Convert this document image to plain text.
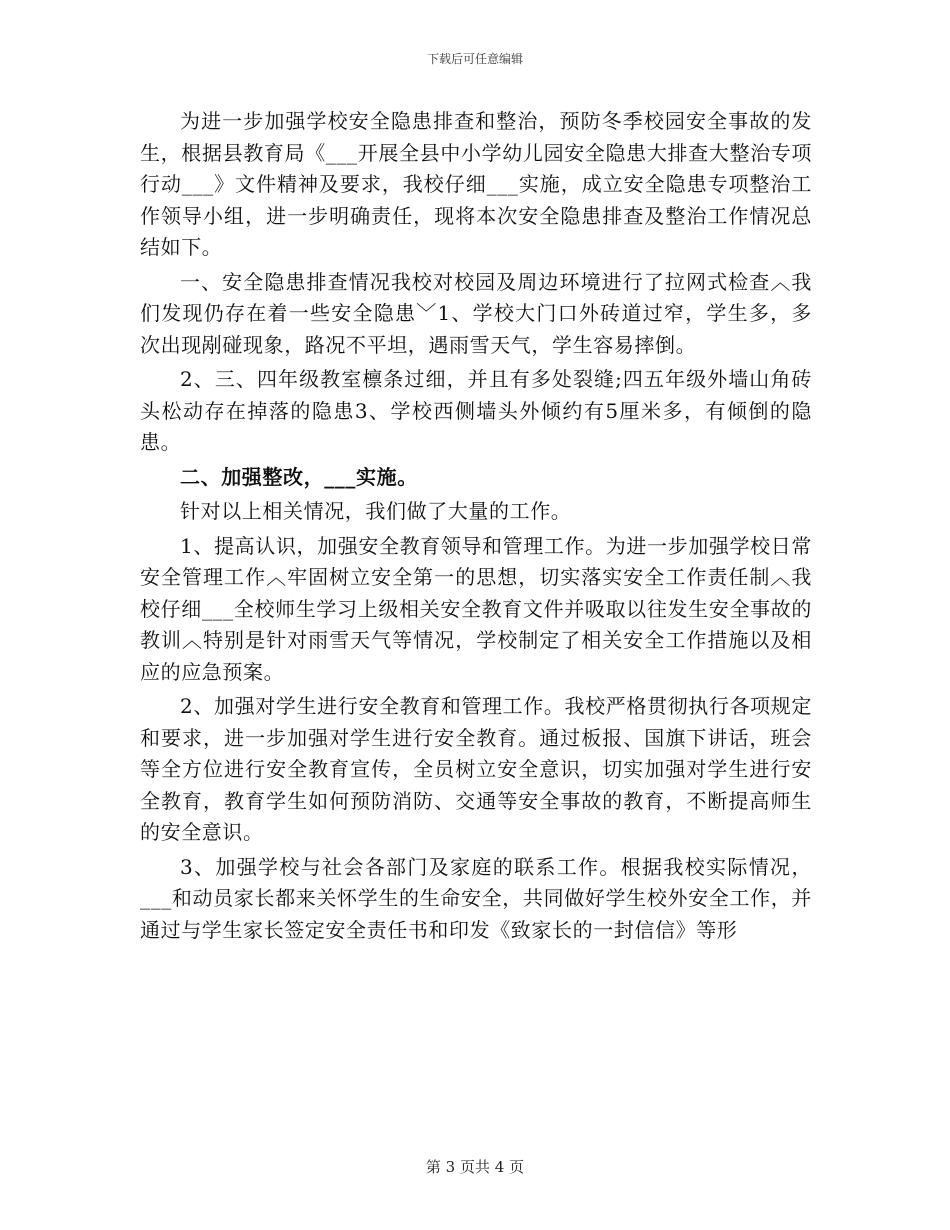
下载后可任意编辑

为进一步加强学校安全隐患排查和整治，预防冬季校园安全事故的发生，根据县教育局《___开展全县中小学幼儿园安全隐患大排查大整治专项行动___》文件精神及要求，我校仔细___实施，成立安全隐患专项整治工作领导小组，进一步明确责任，现将本次安全隐患排查及整治工作情况总结如下。

一、安全隐患排查情况我校对校园及周边环境进行了拉网式检查︿我们发现仍存在着一些安全隐患﹀1、学校大门口外砖道过窄，学生多，多次出现剐碰现象，路况不平坦，遇雨雪天气，学生容易摔倒。

2、三、四年级教室檩条过细，并且有多处裂缝;四五年级外墙山角砖头松动存在掉落的隐患3、学校西侧墙头外倾约有5厘米多，有倾倒的隐患。

二、加强整改，___实施。

针对以上相关情况，我们做了大量的工作。

1、提高认识，加强安全教育领导和管理工作。为进一步加强学校日常安全管理工作︿牢固树立安全第一的思想，切实落实安全工作责任制︿我校仔细___全校师生学习上级相关安全教育文件并吸取以往发生安全事故的教训︿特别是针对雨雪天气等情况，学校制定了相关安全工作措施以及相应的应急预案。

2、加强对学生进行安全教育和管理工作。我校严格贯彻执行各项规定和要求，进一步加强对学生进行安全教育。通过板报、国旗下讲话，班会等全方位进行安全教育宣传，全员树立安全意识，切实加强对学生进行安全教育，教育学生如何预防消防、交通等安全事故的教育，不断提高师生的安全意识。

3、加强学校与社会各部门及家庭的联系工作。根据我校实际情况，___和动员家长都来关怀学生的生命安全，共同做好学生校外安全工作，并通过与学生家长签定安全责任书和印发《致家长的一封信信》等形

第 3 页共 4 页
